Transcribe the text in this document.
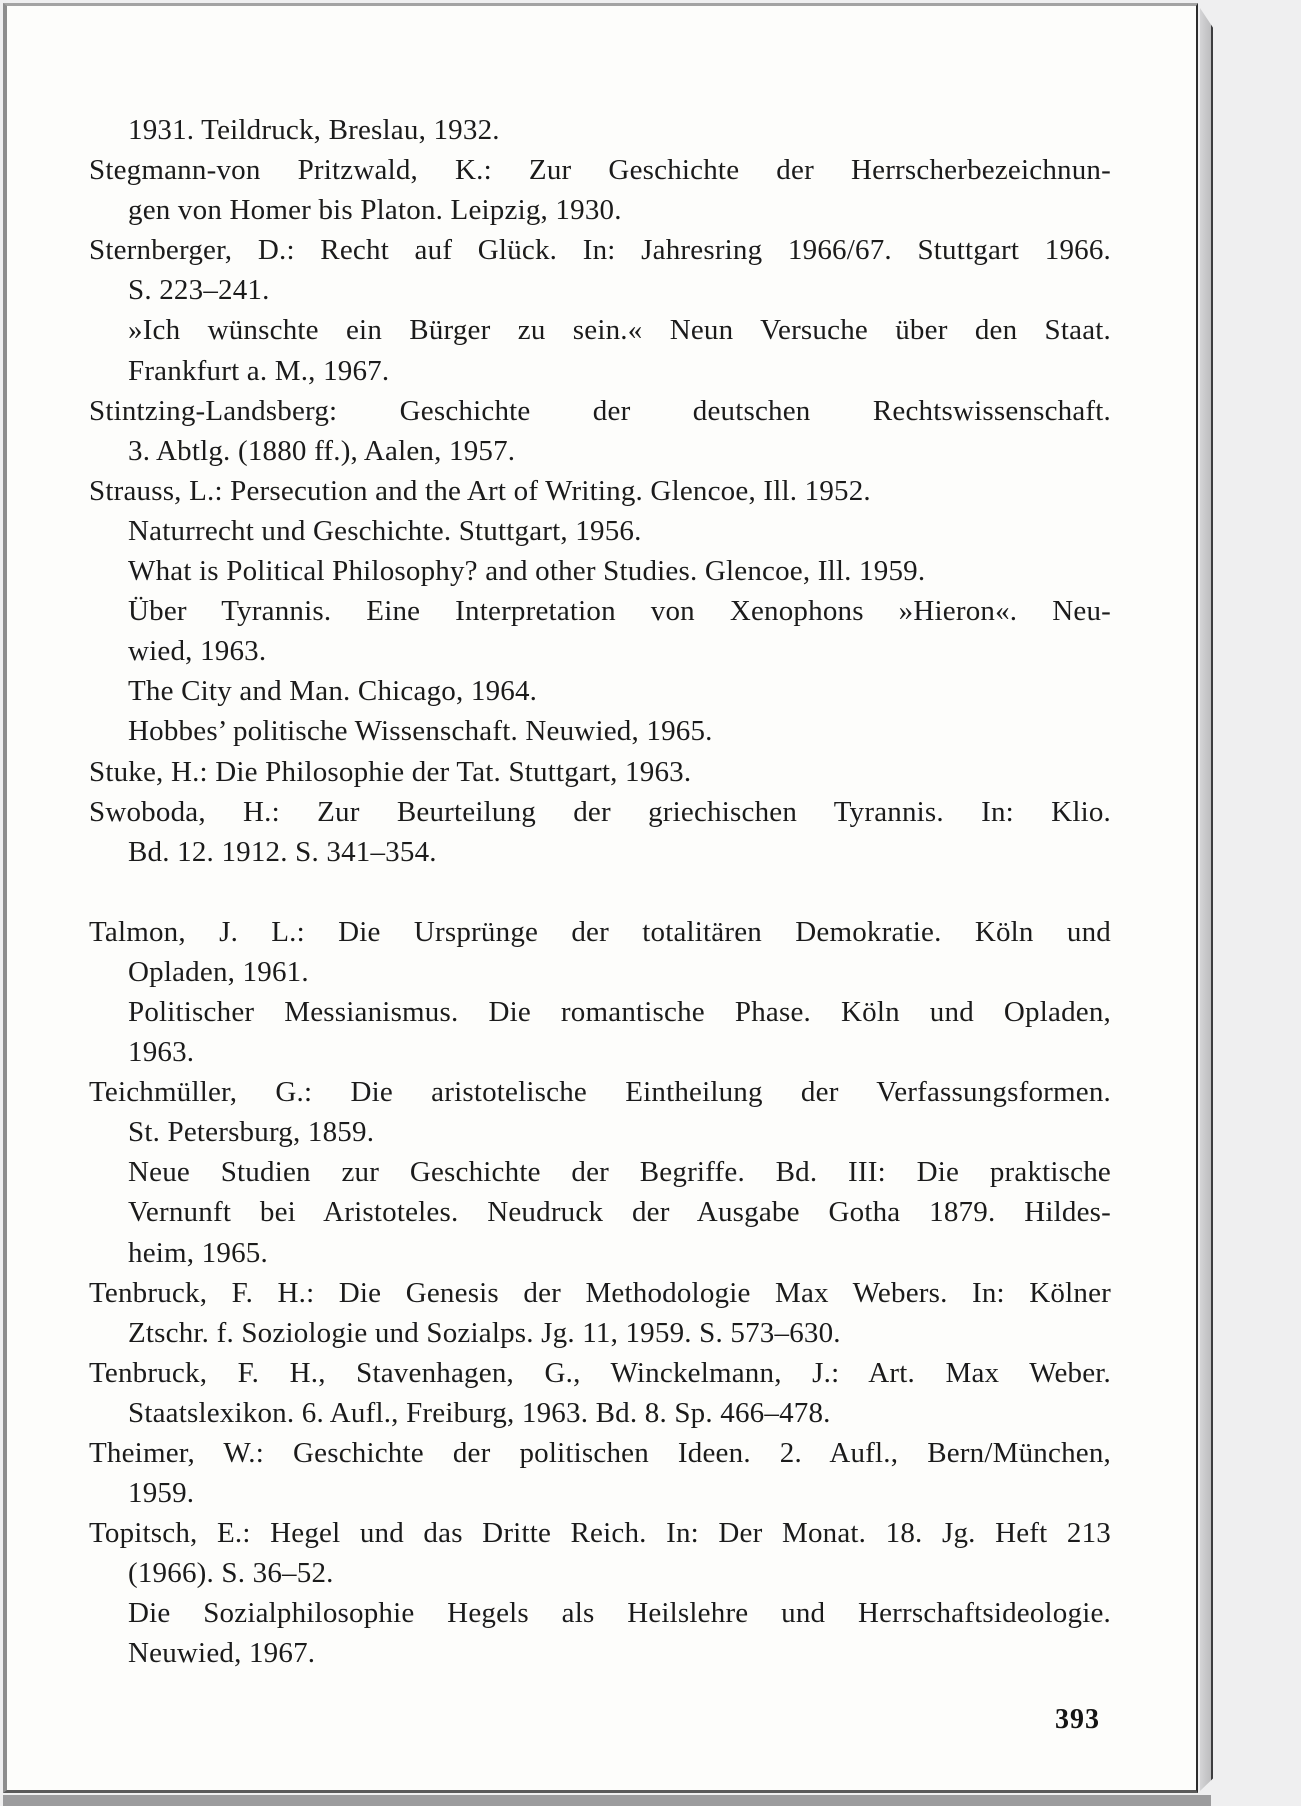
1931. Teildruck, Breslau, 1932.
Stegmann-von Pritzwald, K.: Zur Geschichte der Herrscherbezeichnun-
gen von Homer bis Platon. Leipzig, 1930.
Sternberger, D.: Recht auf Glück. In: Jahresring 1966/67. Stuttgart 1966.
S. 223–241.
»Ich wünschte ein Bürger zu sein.« Neun Versuche über den Staat.
Frankfurt a. M., 1967.
Stintzing-Landsberg: Geschichte der deutschen Rechtswissenschaft.
3. Abtlg. (1880 ff.), Aalen, 1957.
Strauss, L.: Persecution and the Art of Writing. Glencoe, Ill. 1952.
Naturrecht und Geschichte. Stuttgart, 1956.
What is Political Philosophy? and other Studies. Glencoe, Ill. 1959.
Über Tyrannis. Eine Interpretation von Xenophons »Hieron«. Neu-
wied, 1963.
The City and Man. Chicago, 1964.
Hobbes’ politische Wissenschaft. Neuwied, 1965.
Stuke, H.: Die Philosophie der Tat. Stuttgart, 1963.
Swoboda, H.: Zur Beurteilung der griechischen Tyrannis. In: Klio.
Bd. 12. 1912. S. 341–354.
Talmon, J. L.: Die Ursprünge der totalitären Demokratie. Köln und
Opladen, 1961.
Politischer Messianismus. Die romantische Phase. Köln und Opladen,
1963.
Teichmüller, G.: Die aristotelische Eintheilung der Verfassungsformen.
St. Petersburg, 1859.
Neue Studien zur Geschichte der Begriffe. Bd. III: Die praktische
Vernunft bei Aristoteles. Neudruck der Ausgabe Gotha 1879. Hildes-
heim, 1965.
Tenbruck, F. H.: Die Genesis der Methodologie Max Webers. In: Kölner
Ztschr. f. Soziologie und Sozialps. Jg. 11, 1959. S. 573–630.
Tenbruck, F. H., Stavenhagen, G., Winckelmann, J.: Art. Max Weber.
Staatslexikon. 6. Aufl., Freiburg, 1963. Bd. 8. Sp. 466–478.
Theimer, W.: Geschichte der politischen Ideen. 2. Aufl., Bern/München,
1959.
Topitsch, E.: Hegel und das Dritte Reich. In: Der Monat. 18. Jg. Heft 213
(1966). S. 36–52.
Die Sozialphilosophie Hegels als Heilslehre und Herrschaftsideologie.
Neuwied, 1967.
393
